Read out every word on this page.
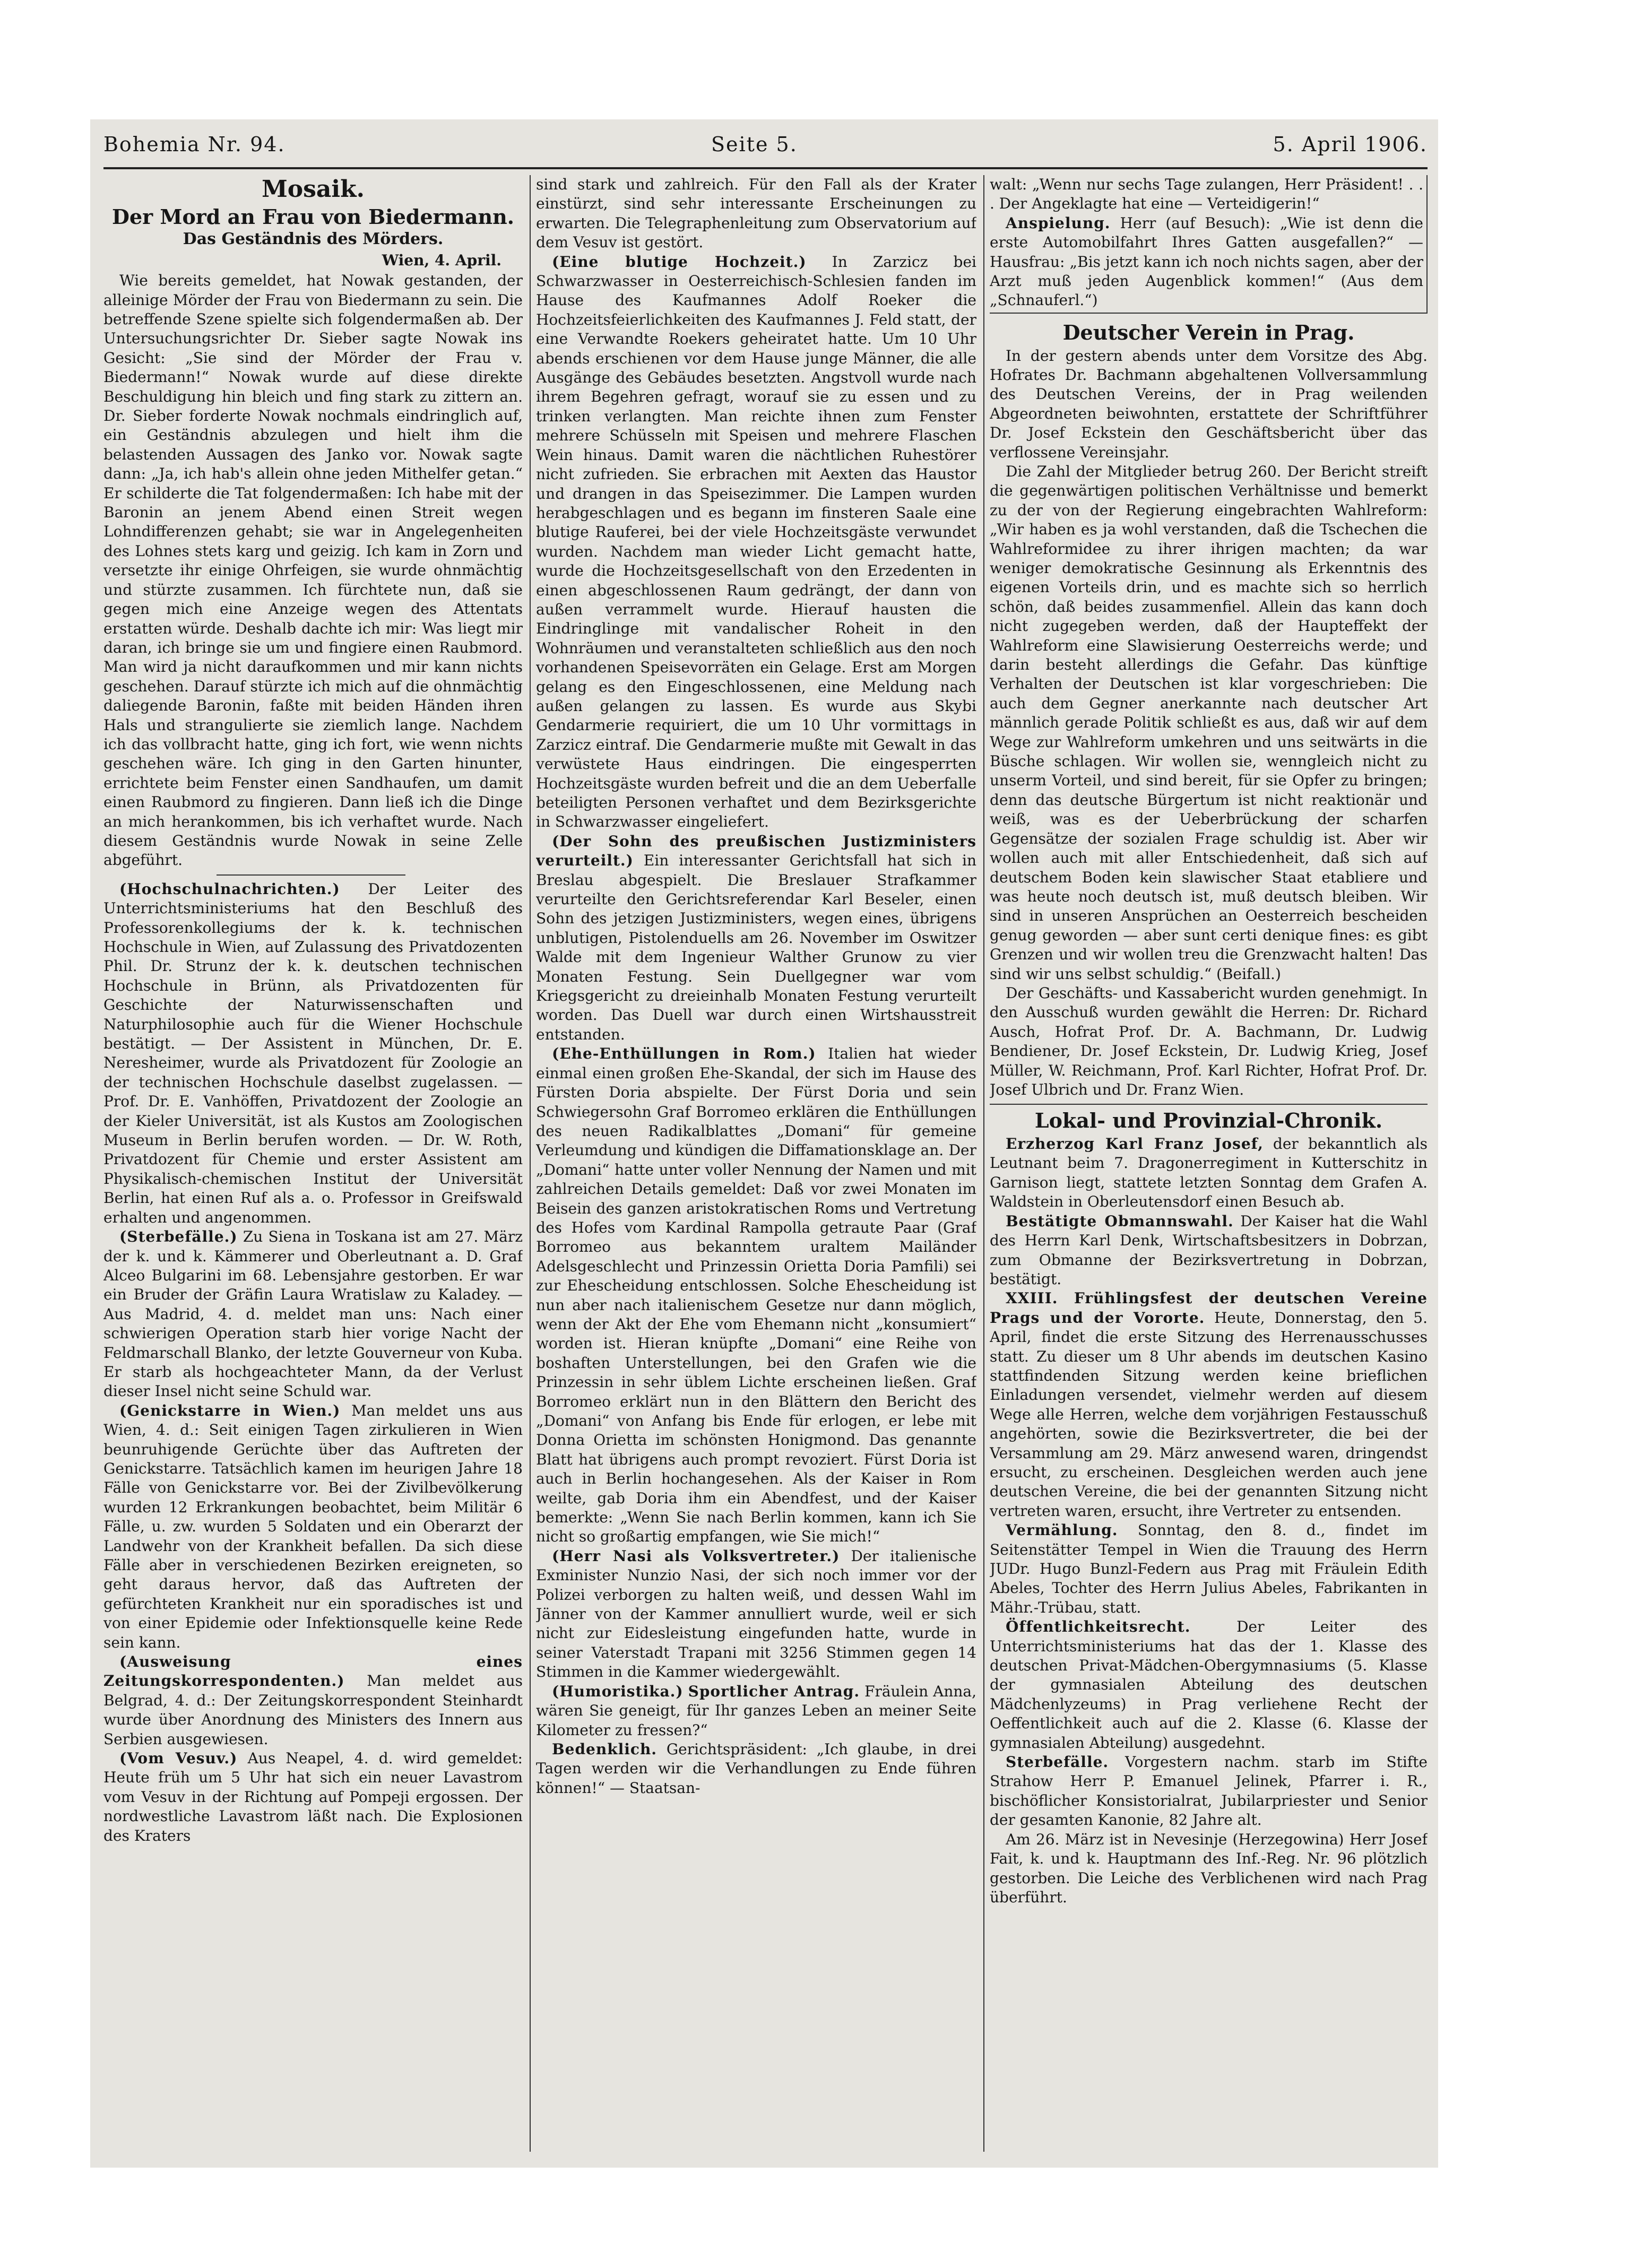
Bohemia Nr. 94.	Seite 5.	5. April 1906.
Mosaik.
Der Mord an Frau von Biedermann.
Das Geständnis des Mörders.
Wien, 4. April.

Wie bereits gemeldet, hat Nowak gestanden, der alleinige Mörder der Frau von Biedermann zu sein. Die betreffende Szene spielte sich folgendermaßen ab. Der Untersuchungsrichter Dr. Sieber sagte Nowak ins Gesicht: „Sie sind der Mörder der Frau v. Biedermann!“ Nowak wurde auf diese direkte Beschuldigung hin bleich und fing stark zu zittern an. Dr. Sieber forderte Nowak nochmals eindringlich auf, ein Geständnis abzulegen und hielt ihm die belastenden Aussagen des Janko vor. Nowak sagte dann: „Ja, ich hab's allein ohne jeden Mithelfer getan.“ Er schilderte die Tat folgendermaßen: Ich habe mit der Baronin an jenem Abend einen Streit wegen Lohndifferenzen gehabt; sie war in Angelegenheiten des Lohnes stets karg und geizig. Ich kam in Zorn und versetzte ihr einige Ohrfeigen, sie wurde ohnmächtig und stürzte zusammen. Ich fürchtete nun, daß sie gegen mich eine Anzeige wegen des Attentats erstatten würde. Deshalb dachte ich mir: Was liegt mir daran, ich bringe sie um und fingiere einen Raubmord. Man wird ja nicht daraufkommen und mir kann nichts geschehen. Darauf stürzte ich mich auf die ohnmächtig daliegende Baronin, faßte mit beiden Händen ihren Hals und strangulierte sie ziemlich lange. Nachdem ich das vollbracht hatte, ging ich fort, wie wenn nichts geschehen wäre. Ich ging in den Garten hinunter, errichtete beim Fenster einen Sandhaufen, um damit einen Raubmord zu fingieren. Dann ließ ich die Dinge an mich herankommen, bis ich verhaftet wurde. Nach diesem Geständnis wurde Nowak in seine Zelle abgeführt.

(Hochschulnachrichten.) Der Leiter des Unterrichtsministeriums hat den Beschluß des Professorenkollegiums der k. k. technischen Hochschule in Wien, auf Zulassung des Privatdozenten Phil. Dr. Strunz der k. k. deutschen technischen Hochschule in Brünn, als Privatdozenten für Geschichte der Naturwissenschaften und Naturphilosophie auch für die Wiener Hochschule bestätigt. — Der Assistent in München, Dr. E. Neresheimer, wurde als Privatdozent für Zoologie an der technischen Hochschule daselbst zugelassen. — Prof. Dr. E. Vanhöffen, Privatdozent der Zoologie an der Kieler Universität, ist als Kustos am Zoologischen Museum in Berlin berufen worden. — Dr. W. Roth, Privatdozent für Chemie und erster Assistent am Physikalisch-chemischen Institut der Universität Berlin, hat einen Ruf als a. o. Professor in Greifswald erhalten und angenommen.

(Sterbefälle.) Zu Siena in Toskana ist am 27. März der k. und k. Kämmerer und Oberleutnant a. D. Graf Alceo Bulgarini im 68. Lebensjahre gestorben. Er war ein Bruder der Gräfin Laura Wratislaw zu Kaladey. — Aus Madrid, 4. d. meldet man uns: Nach einer schwierigen Operation starb hier vorige Nacht der Feldmarschall Blanko, der letzte Gouverneur von Kuba. Er starb als hochgeachteter Mann, da der Verlust dieser Insel nicht seine Schuld war.

(Genickstarre in Wien.) Man meldet uns aus Wien, 4. d.: Seit einigen Tagen zirkulieren in Wien beunruhigende Gerüchte über das Auftreten der Genickstarre. Tatsächlich kamen im heurigen Jahre 18 Fälle von Genickstarre vor. Bei der Zivilbevölkerung wurden 12 Erkrankungen beobachtet, beim Militär 6 Fälle, u. zw. wurden 5 Soldaten und ein Oberarzt der Landwehr von der Krankheit befallen. Da sich diese Fälle aber in verschiedenen Bezirken ereigneten, so geht daraus hervor, daß das Auftreten der gefürchteten Krankheit nur ein sporadisches ist und von einer Epidemie oder Infektionsquelle keine Rede sein kann.

(Ausweisung eines Zeitungskorrespondenten.) Man meldet aus Belgrad, 4. d.: Der Zeitungskorrespondent Steinhardt wurde über Anordnung des Ministers des Innern aus Serbien ausgewiesen.

(Vom Vesuv.) Aus Neapel, 4. d. wird gemeldet: Heute früh um 5 Uhr hat sich ein neuer Lavastrom vom Vesuv in der Richtung auf Pompeji ergossen. Der nordwestliche Lavastrom läßt nach. Die Explosionen des Kraters

sind stark und zahlreich. Für den Fall als der Krater einstürzt, sind sehr interessante Erscheinungen zu erwarten. Die Telegraphenleitung zum Observatorium auf dem Vesuv ist gestört.

(Eine blutige Hochzeit.) In Zarzicz bei Schwarzwasser in Oesterreichisch-Schlesien fanden im Hause des Kaufmannes Adolf Roeker die Hochzeitsfeierlichkeiten des Kaufmannes J. Feld statt, der eine Verwandte Roekers geheiratet hatte. Um 10 Uhr abends erschienen vor dem Hause junge Männer, die alle Ausgänge des Gebäudes besetzten. Angstvoll wurde nach ihrem Begehren gefragt, worauf sie zu essen und zu trinken verlangten. Man reichte ihnen zum Fenster mehrere Schüsseln mit Speisen und mehrere Flaschen Wein hinaus. Damit waren die nächtlichen Ruhestörer nicht zufrieden. Sie erbrachen mit Aexten das Haustor und drangen in das Speisezimmer. Die Lampen wurden herabgeschlagen und es begann im finsteren Saale eine blutige Rauferei, bei der viele Hochzeitsgäste verwundet wurden. Nachdem man wieder Licht gemacht hatte, wurde die Hochzeitsgesellschaft von den Erzedenten in einen abgeschlossenen Raum gedrängt, der dann von außen verrammelt wurde. Hierauf hausten die Eindringlinge mit vandalischer Roheit in den Wohnräumen und veranstalteten schließlich aus den noch vorhandenen Speisevorräten ein Gelage. Erst am Morgen gelang es den Eingeschlossenen, eine Meldung nach außen gelangen zu lassen. Es wurde aus Skybi Gendarmerie requiriert, die um 10 Uhr vormittags in Zarzicz eintraf. Die Gendarmerie mußte mit Gewalt in das verwüstete Haus eindringen. Die eingesperrten Hochzeitsgäste wurden befreit und die an dem Ueberfalle beteiligten Personen verhaftet und dem Bezirksgerichte in Schwarzwasser eingeliefert.

(Der Sohn des preußischen Justizministers verurteilt.) Ein interessanter Gerichtsfall hat sich in Breslau abgespielt. Die Breslauer Strafkammer verurteilte den Gerichtsreferendar Karl Beseler, einen Sohn des jetzigen Justizministers, wegen eines, übrigens unblutigen, Pistolenduells am 26. November im Oswitzer Walde mit dem Ingenieur Walther Grunow zu vier Monaten Festung. Sein Duellgegner war vom Kriegsgericht zu dreieinhalb Monaten Festung verurteilt worden. Das Duell war durch einen Wirtshausstreit entstanden.

(Ehe-Enthüllungen in Rom.) Italien hat wieder einmal einen großen Ehe-Skandal, der sich im Hause des Fürsten Doria abspielte. Der Fürst Doria und sein Schwiegersohn Graf Borromeo erklären die Enthüllungen des neuen Radikalblattes „Domani“ für gemeine Verleumdung und kündigen die Diffamationsklage an. Der „Domani“ hatte unter voller Nennung der Namen und mit zahlreichen Details gemeldet: Daß vor zwei Monaten im Beisein des ganzen aristokratischen Roms und Vertretung des Hofes vom Kardinal Rampolla getraute Paar (Graf Borromeo aus bekanntem uraltem Mailänder Adelsgeschlecht und Prinzessin Orietta Doria Pamfili) sei zur Ehescheidung entschlossen. Solche Ehescheidung ist nun aber nach italienischem Gesetze nur dann möglich, wenn der Akt der Ehe vom Ehemann nicht „konsumiert“ worden ist. Hieran knüpfte „Domani“ eine Reihe von boshaften Unterstellungen, bei den Grafen wie die Prinzessin in sehr üblem Lichte erscheinen ließen. Graf Borromeo erklärt nun in den Blättern den Bericht des „Domani“ von Anfang bis Ende für erlogen, er lebe mit Donna Orietta im schönsten Honigmond. Das genannte Blatt hat übrigens auch prompt revoziert. Fürst Doria ist auch in Berlin hochangesehen. Als der Kaiser in Rom weilte, gab Doria ihm ein Abendfest, und der Kaiser bemerkte: „Wenn Sie nach Berlin kommen, kann ich Sie nicht so großartig empfangen, wie Sie mich!“

(Herr Nasi als Volksvertreter.) Der italienische Exminister Nunzio Nasi, der sich noch immer vor der Polizei verborgen zu halten weiß, und dessen Wahl im Jänner von der Kammer annulliert wurde, weil er sich nicht zur Eidesleistung eingefunden hatte, wurde in seiner Vaterstadt Trapani mit 3256 Stimmen gegen 14 Stimmen in die Kammer wiedergewählt.

(Humoristika.) Sportlicher Antrag. Fräulein Anna, wären Sie geneigt, für Ihr ganzes Leben an meiner Seite Kilometer zu fressen?“

Bedenklich. Gerichtspräsident: „Ich glaube, in drei Tagen werden wir die Verhandlungen zu Ende führen können!“ — Staatsan-

walt: „Wenn nur sechs Tage zulangen, Herr Präsident! . . . Der Angeklagte hat eine — Verteidigerin!“

Anspielung. Herr (auf Besuch): „Wie ist denn die erste Automobilfahrt Ihres Gatten ausgefallen?“ — Hausfrau: „Bis jetzt kann ich noch nichts sagen, aber der Arzt muß jeden Augenblick kommen!“ (Aus dem „Schnauferl.“)

Deutscher Verein in Prag.

In der gestern abends unter dem Vorsitze des Abg. Hofrates Dr. Bachmann abgehaltenen Vollversammlung des Deutschen Vereins, der in Prag weilenden Abgeordneten beiwohnten, erstattete der Schriftführer Dr. Josef Eckstein den Geschäftsbericht über das verflossene Vereinsjahr.

Die Zahl der Mitglieder betrug 260. Der Bericht streift die gegenwärtigen politischen Verhältnisse und bemerkt zu der von der Regierung eingebrachten Wahlreform: „Wir haben es ja wohl verstanden, daß die Tschechen die Wahlreformidee zu ihrer ihrigen machten; da war weniger demokratische Gesinnung als Erkenntnis des eigenen Vorteils drin, und es machte sich so herrlich schön, daß beides zusammenfiel. Allein das kann doch nicht zugegeben werden, daß der Haupteffekt der Wahlreform eine Slawisierung Oesterreichs werde; und darin besteht allerdings die Gefahr. Das künftige Verhalten der Deutschen ist klar vorgeschrieben: Die auch dem Gegner anerkannte nach deutscher Art männlich gerade Politik schließt es aus, daß wir auf dem Wege zur Wahlreform umkehren und uns seitwärts in die Büsche schlagen. Wir wollen sie, wenngleich nicht zu unserm Vorteil, und sind bereit, für sie Opfer zu bringen; denn das deutsche Bürgertum ist nicht reaktionär und weiß, was es der Ueberbrückung der scharfen Gegensätze der sozialen Frage schuldig ist. Aber wir wollen auch mit aller Entschiedenheit, daß sich auf deutschem Boden kein slawischer Staat etabliere und was heute noch deutsch ist, muß deutsch bleiben. Wir sind in unseren Ansprüchen an Oesterreich bescheiden genug geworden — aber sunt certi denique fines: es gibt Grenzen und wir wollen treu die Grenzwacht halten! Das sind wir uns selbst schuldig.“ (Beifall.)

Der Geschäfts- und Kassabericht wurden genehmigt. In den Ausschuß wurden gewählt die Herren: Dr. Richard Ausch, Hofrat Prof. Dr. A. Bachmann, Dr. Ludwig Bendiener, Dr. Josef Eckstein, Dr. Ludwig Krieg, Josef Müller, W. Reichmann, Prof. Karl Richter, Hofrat Prof. Dr. Josef Ulbrich und Dr. Franz Wien.

Lokal- und Provinzial-Chronik.

Erzherzog Karl Franz Josef, der bekanntlich als Leutnant beim 7. Dragonerregiment in Kutterschitz in Garnison liegt, stattete letzten Sonntag dem Grafen A. Waldstein in Oberleutensdorf einen Besuch ab.

Bestätigte Obmannswahl. Der Kaiser hat die Wahl des Herrn Karl Denk, Wirtschaftsbesitzers in Dobrzan, zum Obmanne der Bezirksvertretung in Dobrzan, bestätigt.

XXIII. Frühlingsfest der deutschen Vereine Prags und der Vororte. Heute, Donnerstag, den 5. April, findet die erste Sitzung des Herrenausschusses statt. Zu dieser um 8 Uhr abends im deutschen Kasino stattfindenden Sitzung werden keine brieflichen Einladungen versendet, vielmehr werden auf diesem Wege alle Herren, welche dem vorjährigen Festausschuß angehörten, sowie die Bezirksvertreter, die bei der Versammlung am 29. März anwesend waren, dringendst ersucht, zu erscheinen. Desgleichen werden auch jene deutschen Vereine, die bei der genannten Sitzung nicht vertreten waren, ersucht, ihre Vertreter zu entsenden.

Vermählung. Sonntag, den 8. d., findet im Seitenstätter Tempel in Wien die Trauung des Herrn JUDr. Hugo Bunzl-Federn aus Prag mit Fräulein Edith Abeles, Tochter des Herrn Julius Abeles, Fabrikanten in Mähr.-Trübau, statt.

Öffentlichkeitsrecht.	Der Leiter des Unterrichtsministeriums hat das der 1. Klasse des deutschen Privat-Mädchen-Obergymnasiums (5. Klasse der gymnasialen Abteilung des deutschen Mädchenlyzeums) in Prag verliehene Recht der Oeffentlichkeit auch auf die 2. Klasse (6. Klasse der gymnasialen Abteilung) ausgedehnt.

Sterbefälle. Vorgestern nachm. starb im Stifte Strahow Herr P. Emanuel Jelinek, Pfarrer i. R., bischöflicher Konsistorialrat, Jubilarpriester und Senior der gesamten Kanonie, 82 Jahre alt.

Am 26. März ist in Nevesinje (Herzegowina) Herr Josef Fait, k. und k. Hauptmann des Inf.-Reg. Nr. 96 plötzlich gestorben. Die Leiche des Verblichenen wird nach Prag überführt.
